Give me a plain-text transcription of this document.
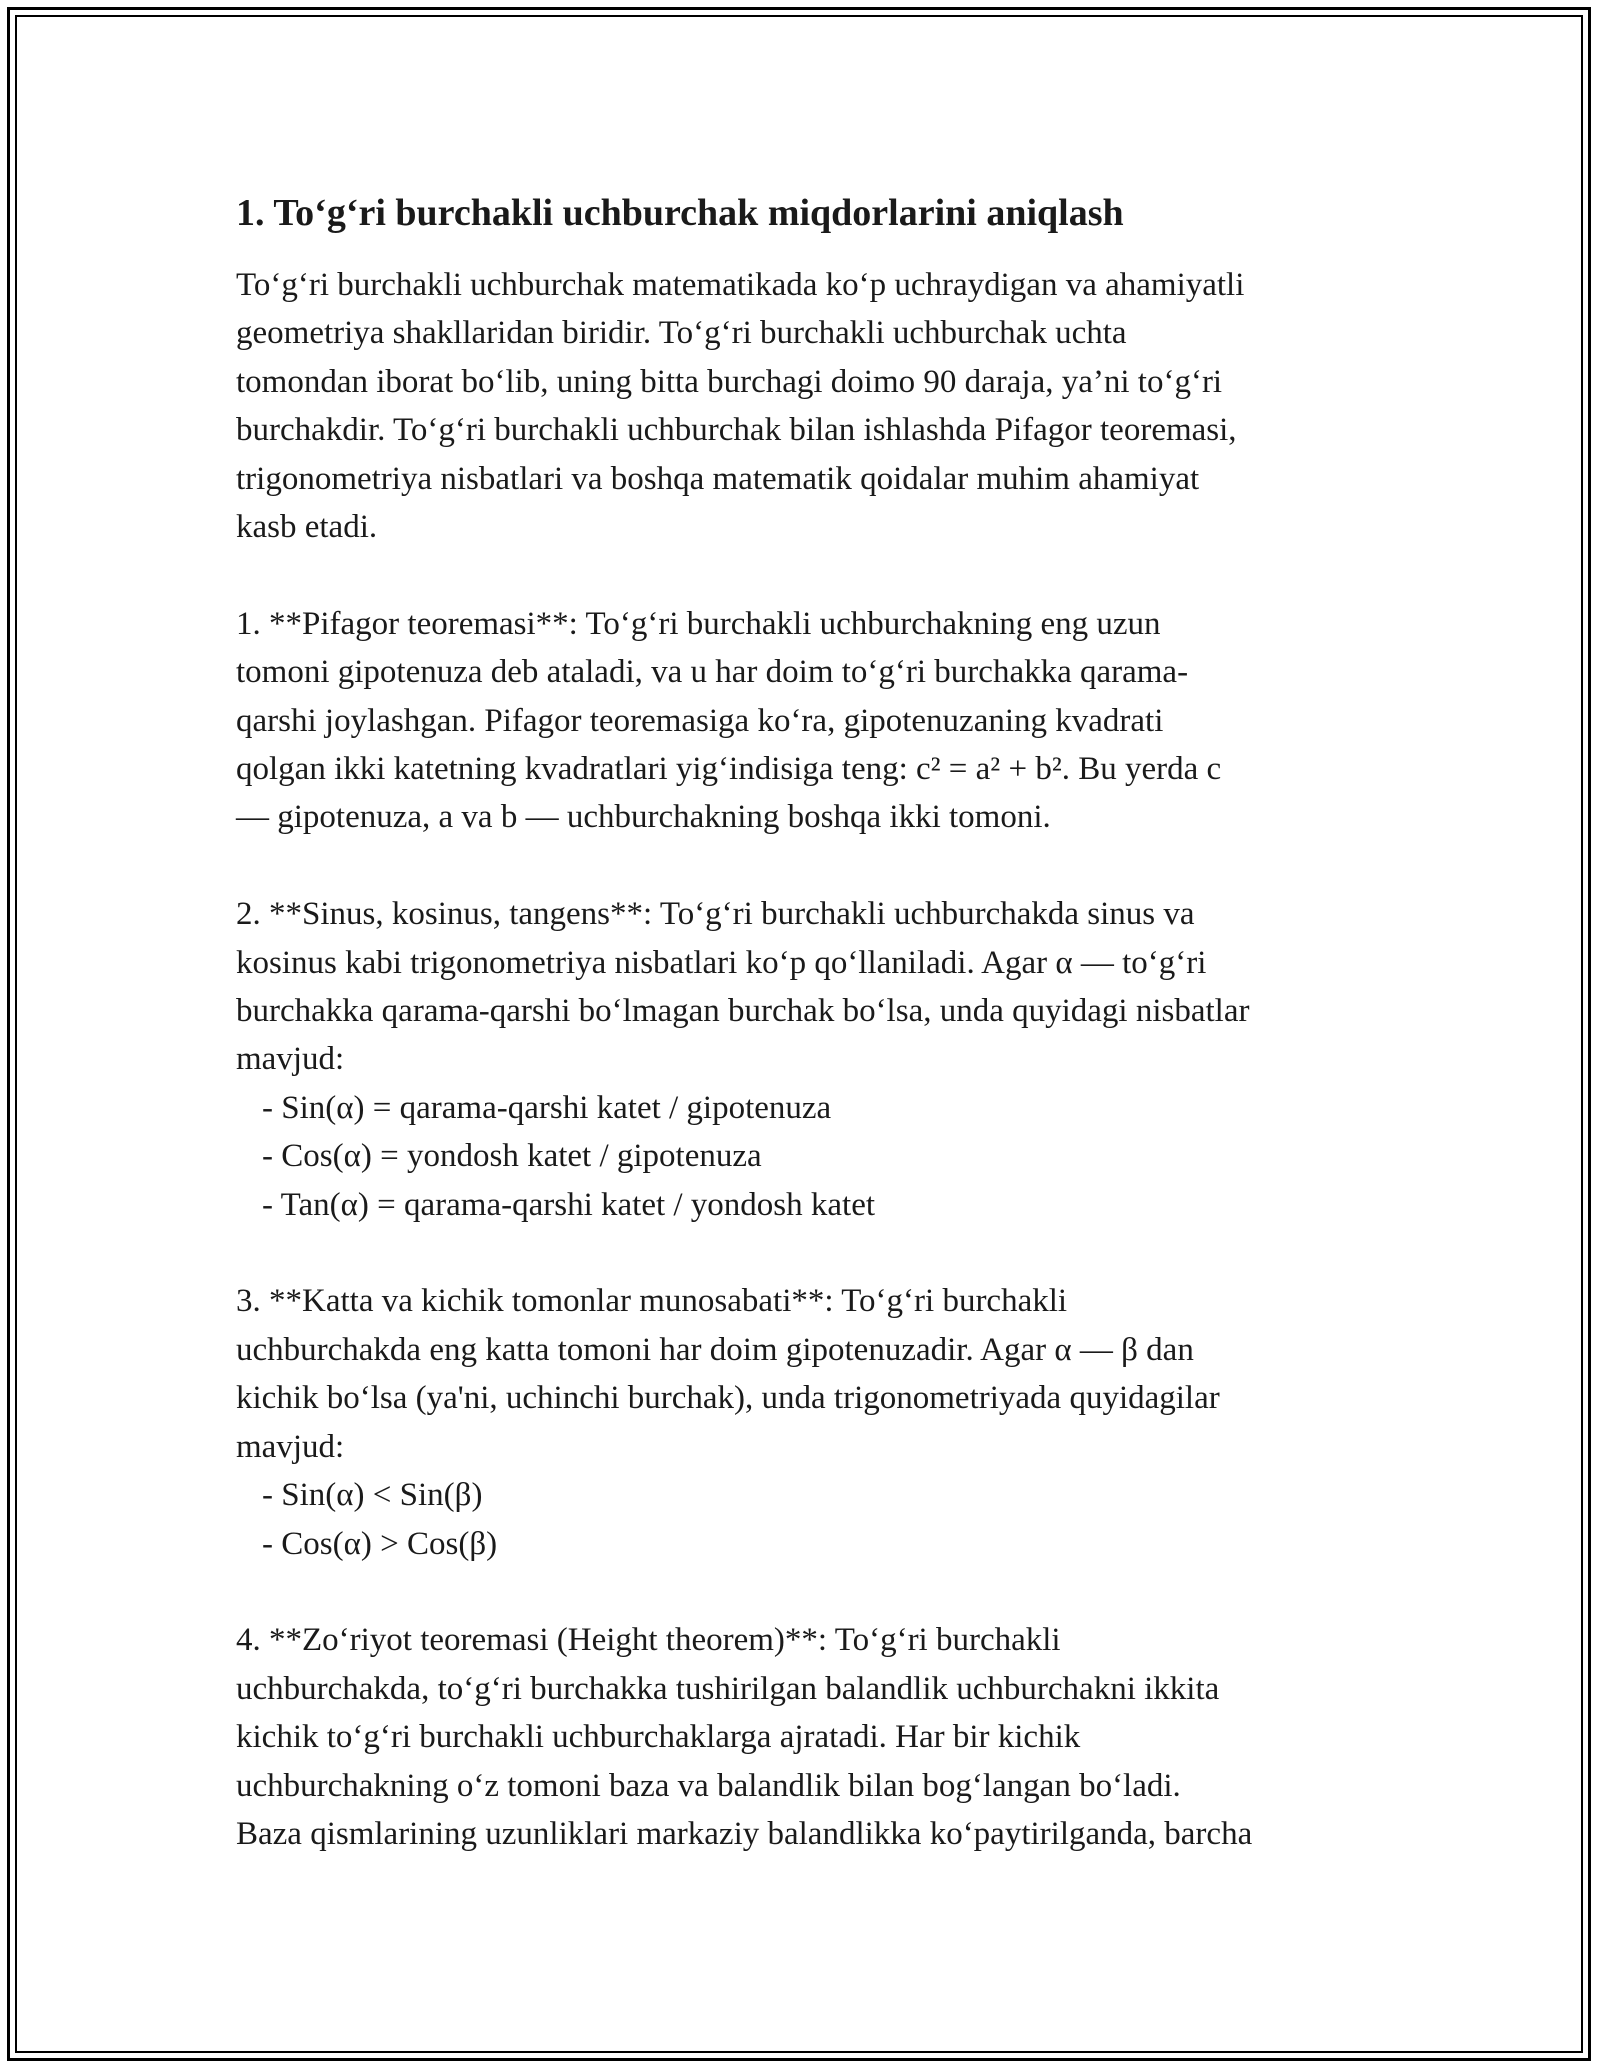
1. To‘g‘ri burchakli uchburchak miqdorlarini aniqlash
To‘g‘ri burchakli uchburchak matematikada ko‘p uchraydigan va ahamiyatli
geometriya shakllaridan biridir. To‘g‘ri burchakli uchburchak uchta
tomondan iborat bo‘lib, uning bitta burchagi doimo 90 daraja, ya’ni to‘g‘ri
burchakdir. To‘g‘ri burchakli uchburchak bilan ishlashda Pifagor teoremasi,
trigonometriya nisbatlari va boshqa matematik qoidalar muhim ahamiyat
kasb etadi.
1. **Pifagor teoremasi**: To‘g‘ri burchakli uchburchakning eng uzun
tomoni gipotenuza deb ataladi, va u har doim to‘g‘ri burchakka qarama-
qarshi joylashgan. Pifagor teoremasiga ko‘ra, gipotenuzaning kvadrati
qolgan ikki katetning kvadratlari yig‘indisiga teng: c² = a² + b². Bu yerda c
— gipotenuza, a va b — uchburchakning boshqa ikki tomoni.
2. **Sinus, kosinus, tangens**: To‘g‘ri burchakli uchburchakda sinus va
kosinus kabi trigonometriya nisbatlari ko‘p qo‘llaniladi. Agar α — to‘g‘ri
burchakka qarama-qarshi bo‘lmagan burchak bo‘lsa, unda quyidagi nisbatlar
mavjud:
- Sin(α) = qarama-qarshi katet / gipotenuza
- Cos(α) = yondosh katet / gipotenuza
- Tan(α) = qarama-qarshi katet / yondosh katet
3. **Katta va kichik tomonlar munosabati**: To‘g‘ri burchakli
uchburchakda eng katta tomoni har doim gipotenuzadir. Agar α — β dan
kichik bo‘lsa (ya'ni, uchinchi burchak), unda trigonometriyada quyidagilar
mavjud:
- Sin(α) < Sin(β)
- Cos(α) > Cos(β)
4. **Zo‘riyot teoremasi (Height theorem)**: To‘g‘ri burchakli
uchburchakda, to‘g‘ri burchakka tushirilgan balandlik uchburchakni ikkita
kichik to‘g‘ri burchakli uchburchaklarga ajratadi. Har bir kichik
uchburchakning o‘z tomoni baza va balandlik bilan bog‘langan bo‘ladi.
Baza qismlarining uzunliklari markaziy balandlikka ko‘paytirilganda, barcha
